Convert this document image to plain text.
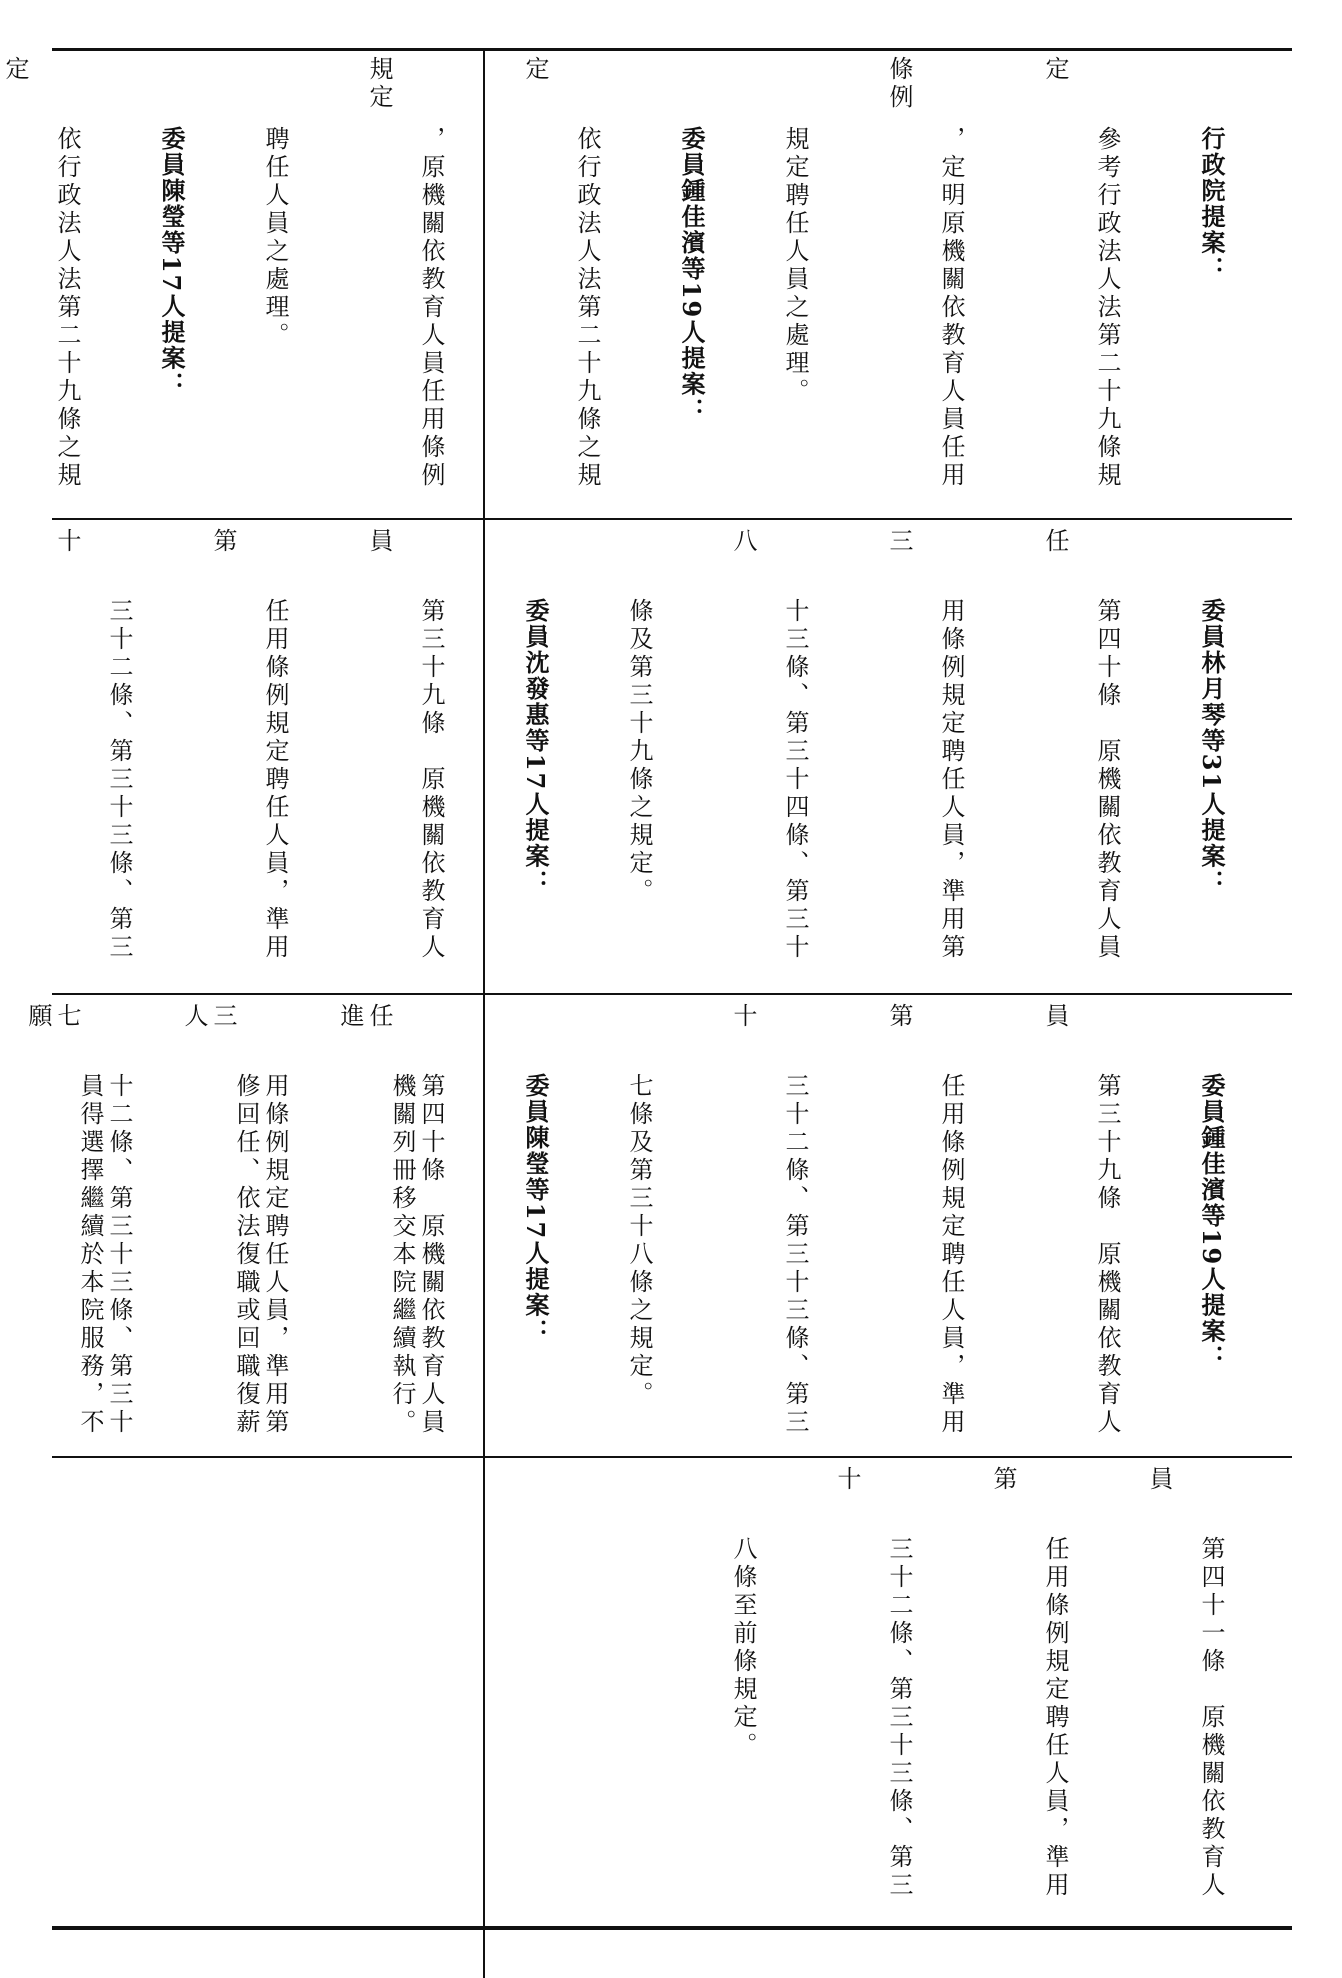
行政院提案：

參考行政法人法第二十九條規定

，定明原機關依教育人員任用條例

規定聘任人員之處理。

委員鍾佳濱等19人提案：

依行政法人法第二十九條之規定

，原機關依教育人員任用條例規定

聘任人員之處理。

委員陳瑩等17人提案：

依行政法人法第二十九條之規定

委員林月琴等31人提案：

第四十條　原機關依教育人員任

用條例規定聘任人員，準用第三

十三條、第三十四條、第三十八

條及第三十九條之規定。

委員沈發惠等17人提案：

第三十九條　原機關依教育人員

任用條例規定聘任人員，準用第

三十二條、第三十三條、第三十

機關列冊移交本院繼續執行。進

修回任、依法復職或回職復薪人

員得選擇繼續於本院服務，不願

委員鍾佳濱等19人提案：

第三十九條　原機關依教育人員

任用條例規定聘任人員，準用第

三十二條、第三十三條、第三十

七條及第三十八條之規定。

委員陳瑩等17人提案：

第四十條　原機關依教育人員任

用條例規定聘任人員，準用第三

十二條、第三十三條、第三十七

第四十一條　原機關依教育人員

任用條例規定聘任人員，準用第

三十二條、第三十三條、第三十

八條至前條規定。
